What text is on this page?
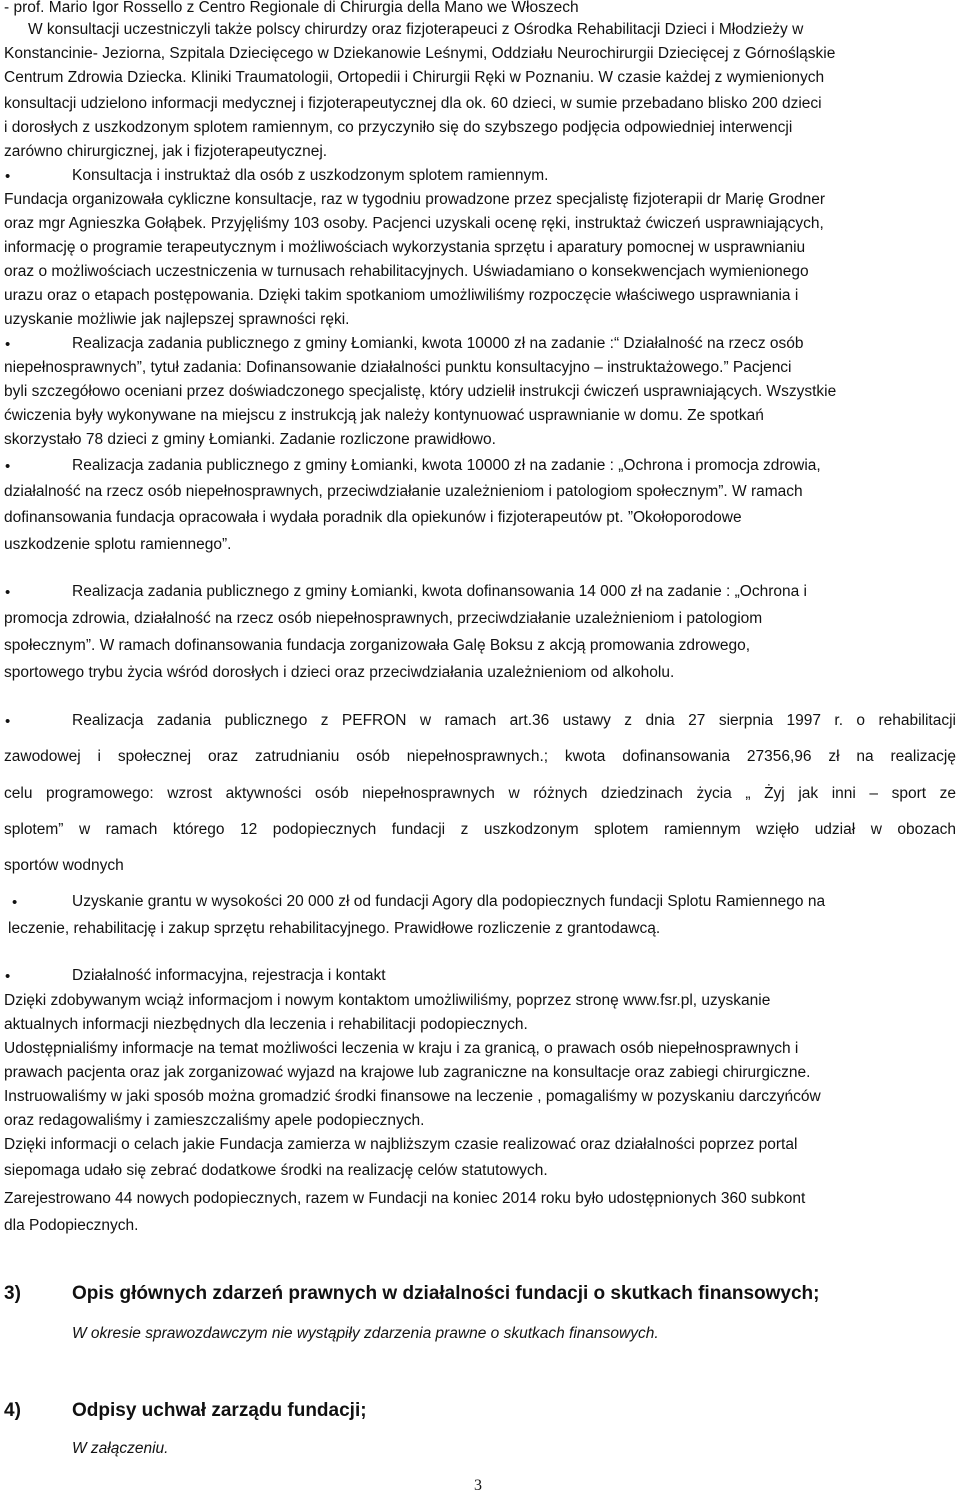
- prof. Mario Igor Rossello z Centro Regionale di Chirurgia della Mano we Włoszech
W konsultacji uczestniczyli także polscy chirurdzy oraz fizjoterapeuci z Ośrodka Rehabilitacji Dzieci i Młodzieży w
Konstancinie- Jeziorna, Szpitala Dziecięcego w Dziekanowie Leśnymi, Oddziału Neurochirurgii Dziecięcej z Górnośląskie
Centrum Zdrowia Dziecka. Kliniki Traumatologii, Ortopedii i Chirurgii Ręki w Poznaniu. W czasie każdej z wymienionych
konsultacji udzielono informacji medycznej i fizjoterapeutycznej dla ok. 60 dzieci, w sumie przebadano blisko 200 dzieci
i dorosłych z uszkodzonym splotem ramiennym, co przyczyniło się do szybszego podjęcia odpowiedniej interwencji
zarówno chirurgicznej, jak i fizjoterapeutycznej.
•	Konsultacja i instruktaż dla osób z uszkodzonym splotem ramiennym.
Fundacja organizowała cykliczne konsultacje, raz w tygodniu prowadzone przez specjalistę fizjoterapii dr Marię Grodner
oraz mgr Agnieszka Gołąbek. Przyjęliśmy 103 osoby. Pacjenci uzyskali ocenę ręki, instruktaż ćwiczeń usprawniających,
informację o programie terapeutycznym i możliwościach wykorzystania sprzętu i aparatury pomocnej w usprawnianiu
oraz o możliwościach uczestniczenia w turnusach rehabilitacyjnych. Uświadamiano o konsekwencjach wymienionego
urazu oraz o etapach postępowania. Dzięki takim spotkaniom umożliwiliśmy rozpoczęcie właściwego usprawniania i
uzyskanie możliwie jak najlepszej sprawności ręki.
•	Realizacja zadania publicznego z gminy Łomianki, kwota 10000 zł na zadanie :“ Działalność na rzecz osób
niepełnosprawnych”, tytuł zadania: Dofinansowanie działalności punktu konsultacyjno – instruktażowego.” Pacjenci
byli szczegółowo oceniani przez doświadczonego specjalistę, który udzielił instrukcji ćwiczeń usprawniających. Wszystkie
ćwiczenia były wykonywane na miejscu z instrukcją jak należy kontynuować usprawnianie w domu. Ze spotkań
skorzystało 78 dzieci z gminy Łomianki. Zadanie rozliczone prawidłowo.
•	Realizacja zadania publicznego z gminy Łomianki, kwota 10000 zł na zadanie : „Ochrona i promocja zdrowia,
działalność na rzecz osób niepełnosprawnych, przeciwdziałanie uzależnieniom i patologiom społecznym”. W ramach
dofinansowania fundacja opracowała i wydała poradnik dla opiekunów i fizjoterapeutów pt. ”Okołoporodowe
uszkodzenie splotu ramiennego”.
•	Realizacja zadania publicznego z gminy Łomianki, kwota dofinansowania 14 000 zł na zadanie : „Ochrona i
promocja zdrowia, działalność na rzecz osób niepełnosprawnych, przeciwdziałanie uzależnieniom i patologiom
społecznym”. W ramach dofinansowania fundacja zorganizowała Galę Boksu z akcją promowania zdrowego,
sportowego trybu życia wśród dorosłych i dzieci oraz przeciwdziałania uzależnieniom od alkoholu.
•	Realizacja zadania publicznego z PEFRON w ramach art.36 ustawy z dnia 27 sierpnia 1997 r. o rehabilitacji
zawodowej i społecznej oraz zatrudnianiu osób niepełnosprawnych.; kwota dofinansowania 27356,96 zł na realizację
celu programowego: wzrost aktywności osób niepełnosprawnych w różnych dziedzinach życia „ Żyj jak inni – sport ze
splotem” w ramach którego 12 podopiecznych fundacji z uszkodzonym splotem ramiennym wzięło udział w obozach
sportów wodnych
•	Uzyskanie grantu w wysokości 20 000 zł od fundacji Agory dla podopiecznych fundacji Splotu Ramiennego na
leczenie, rehabilitację i zakup sprzętu rehabilitacyjnego. Prawidłowe rozliczenie z grantodawcą.
•	Działalność informacyjna, rejestracja i kontakt
Dzięki zdobywanym wciąż informacjom i nowym kontaktom umożliwiliśmy, poprzez stronę www.fsr.pl, uzyskanie
aktualnych informacji niezbędnych dla leczenia i rehabilitacji podopiecznych.
Udostępnialiśmy informacje na temat możliwości leczenia w kraju i za granicą, o prawach osób niepełnosprawnych i
prawach pacjenta oraz jak zorganizować wyjazd na krajowe lub zagraniczne na konsultacje oraz zabiegi chirurgiczne.
Instruowaliśmy w jaki sposób można gromadzić środki finansowe na leczenie , pomagaliśmy w pozyskaniu darczyńców
oraz redagowaliśmy i zamieszczaliśmy apele podopiecznych.
Dzięki informacji o celach jakie Fundacja zamierza w najbliższym czasie realizować oraz działalności poprzez portal
siepomaga udało się zebrać dodatkowe środki na realizację celów statutowych.
Zarejestrowano 44 nowych podopiecznych, razem w Fundacji na koniec 2014 roku było udostępnionych 360 subkont
dla Podopiecznych.
3)	Opis głównych zdarzeń prawnych w działalności fundacji o skutkach finansowych;
W okresie sprawozdawczym nie wystąpiły zdarzenia prawne o skutkach finansowych.
4)	Odpisy uchwał zarządu fundacji;
W załączeniu.
3
